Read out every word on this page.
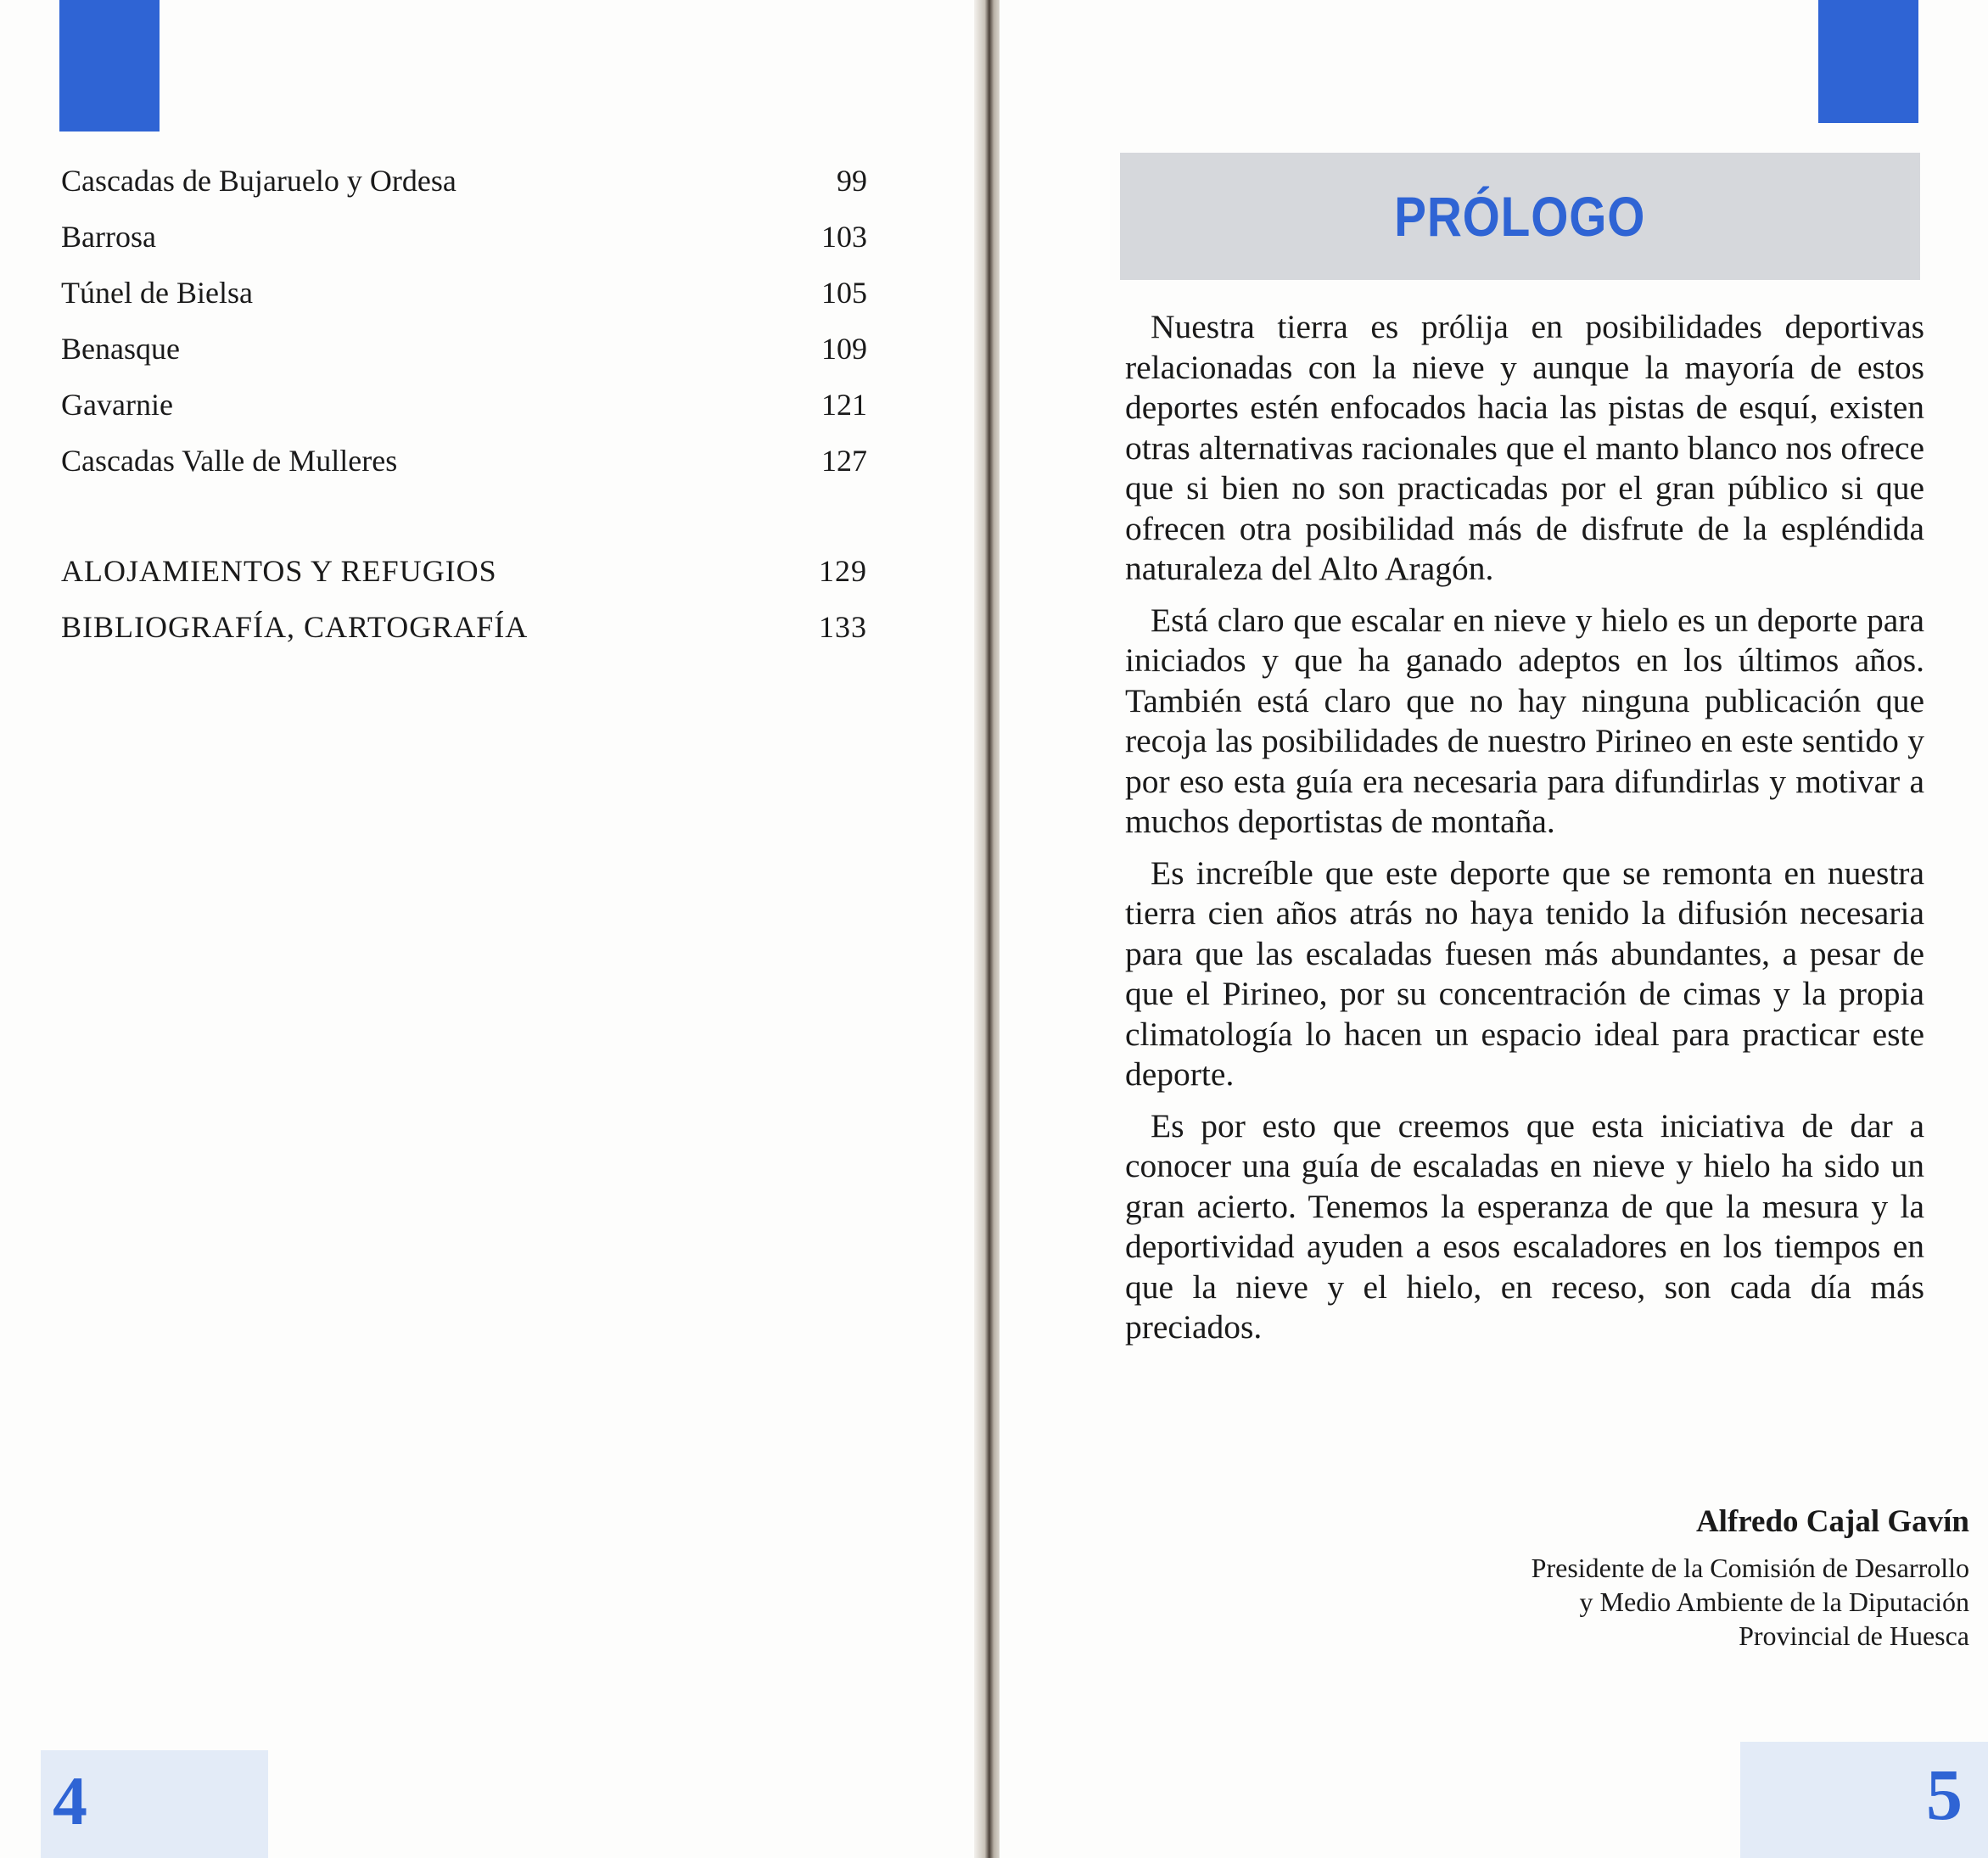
Cascadas de Bujaruelo y Ordesa	99
Barrosa	103
Túnel de Bielsa	105
Benasque	109
Gavarnie	121
Cascadas Valle de Mulleres	127
ALOJAMIENTOS Y REFUGIOS	129
BIBLIOGRAFÍA, CARTOGRAFÍA	133
4
PRÓLOGO

Nuestra tierra es prólija en posibilidades deportivas relacionadas con la nieve y aunque la mayoría de estos deportes estén enfocados hacia las pistas de esquí, existen otras alternativas racionales que el manto blanco nos ofrece que si bien no son practicadas por el gran público si que ofrecen otra posibilidad más de disfrute de la espléndida naturaleza del Alto Aragón.

Está claro que escalar en nieve y hielo es un deporte para iniciados y que ha ganado adeptos en los últimos años. También está claro que no hay ninguna publicación que recoja las posibilidades de nuestro Pirineo en este sentido y por eso esta guía era necesaria para difundirlas y motivar a muchos deportistas de montaña.

Es increíble que este deporte que se remonta en nuestra tierra cien años atrás no haya tenido la difusión necesaria para que las escaladas fuesen más abundantes, a pesar de que el Pirineo, por su concentración de cimas y la propia climatología lo hacen un espacio ideal para practicar este deporte.

Es por esto que creemos que esta iniciativa de dar a conocer una guía de escaladas en nieve y hielo ha sido un gran acierto. Tenemos la esperanza de que la mesura y la deportividad ayuden a esos escaladores en los tiempos en que la nieve y el hielo, en receso, son cada día más preciados.

Alfredo Cajal Gavín
Presidente de la Comisión de Desarrollo
y Medio Ambiente de la Diputación
Provincial de Huesca
5
